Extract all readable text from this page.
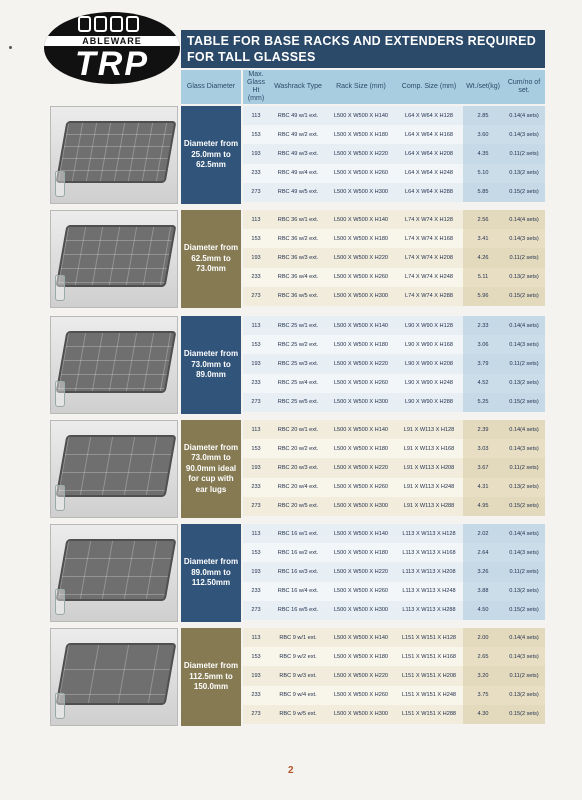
ABLEWARE
TRP
TABLE FOR BASE RACKS AND EXTENDERS REQUIRED FOR TALL GLASSES
Glass Diameter
Max. Glass Ht (mm)
Washrack Type	Rack Size (mm)	Comp. Size (mm)	Wt./set(kg)
Cum/no of set.
Diameter from 25.0mm to 62.5mm
113	RBC 49 w/1 ext.	L500 X W500 X H140	L64 X W64 X H128	2.85	0.14(4 sets)
153	RBC 49 w/2 ext.	L500 X W500 X H180	L64 X W64 X H168	3.60	0.14(3 sets)
193	RBC 49 w/3 ext.	L500 X W500 X H220	L64 X W64 X H208	4.35	0.11(2 sets)
233	RBC 49 w/4 ext.	L500 X W500 X H260	L64 X W64 X H248	5.10	0.13(2 sets)
273	RBC 49 w/5 ext.	L500 X W500 X H300	L64 X W64 X H288	5.85	0.15(2 sets)
Diameter from 62.5mm to 73.0mm
113	RBC 36 w/1 ext.	L500 X W500 X H140	L74 X W74 X H128	2.56	0.14(4 sets)
153	RBC 36 w/2 ext.	L500 X W500 X H180	L74 X W74 X H168	3.41	0.14(3 sets)
193	RBC 36 w/3 ext.	L500 X W500 X H220	L74 X W74 X H208	4.26	0.11(2 sets)
233	RBC 36 w/4 ext.	L500 X W500 X H260	L74 X W74 X H248	5.11	0.13(2 sets)
273	RBC 36 w/5 ext.	L500 X W500 X H300	L74 X W74 X H288	5.96	0.15(2 sets)
Diameter from 73.0mm to 89.0mm
113	RBC 25 w/1 ext.	L500 X W500 X H140	L90 X W90 X H128	2.33	0.14(4 sets)
153	RBC 25 w/2 ext.	L500 X W500 X H180	L90 X W90 X H168	3.06	0.14(3 sets)
193	RBC 25 w/3 ext.	L500 X W500 X H220	L90 X W90 X H208	3.79	0.11(2 sets)
233	RBC 25 w/4 ext.	L500 X W500 X H260	L90 X W90 X H248	4.52	0.13(2 sets)
273	RBC 25 w/5 ext.	L500 X W500 X H300	L90 X W90 X H288	5.25	0.15(2 sets)
Diameter from 73.0mm to 90.0mm ideal for cup with ear lugs
113	RBC 20 w/1 ext.	L500 X W500 X H140	L91 X W113 X H128	2.39	0.14(4 sets)
153	RBC 20 w/2 ext.	L500 X W500 X H180	L91 X W113 X H168	3.03	0.14(3 sets)
193	RBC 20 w/3 ext.	L500 X W500 X H220	L91 X W113 X H208	3.67	0.11(2 sets)
233	RBC 20 w/4 ext.	L500 X W500 X H260	L91 X W113 X H248	4.31	0.13(2 sets)
273	RBC 20 w/5 ext.	L500 X W500 X H300	L91 X W113 X H288	4.95	0.15(2 sets)
Diameter from 89.0mm to 112.50mm
113	RBC 16 w/1 ext.	L500 X W500 X H140	L113 X W113 X H128	2.02	0.14(4 sets)
153	RBC 16 w/2 ext.	L500 X W500 X H180	L113 X W113 X H168	2.64	0.14(3 sets)
193	RBC 16 w/3 ext.	L500 X W500 X H220	L113 X W113 X H208	3.26	0.11(2 sets)
233	RBC 16 w/4 ext.	L500 X W500 X H260	L113 X W113 X H248	3.88	0.13(2 sets)
273	RBC 16 w/5 ext.	L500 X W500 X H300	L113 X W113 X H288	4.50	0.15(2 sets)
Diameter from 112.5mm to 150.0mm
113	RBC 9 w/1 ext.	L500 X W500 X H140	L151 X W151 X H128	2.00	0.14(4 sets)
153	RBC 9 w/2 ext.	L500 X W500 X H180	L151 X W151 X H168	2.65	0.14(3 sets)
193	RBC 9 w/3 ext.	L500 X W500 X H220	L151 X W151 X H208	3.20	0.11(2 sets)
233	RBC 9 w/4 ext.	L500 X W500 X H260	L151 X W151 X H248	3.75	0.13(2 sets)
273	RBC 9 w/5 ext.	L500 X W500 X H300	L151 X W151 X H288	4.30	0.15(2 sets)
2
